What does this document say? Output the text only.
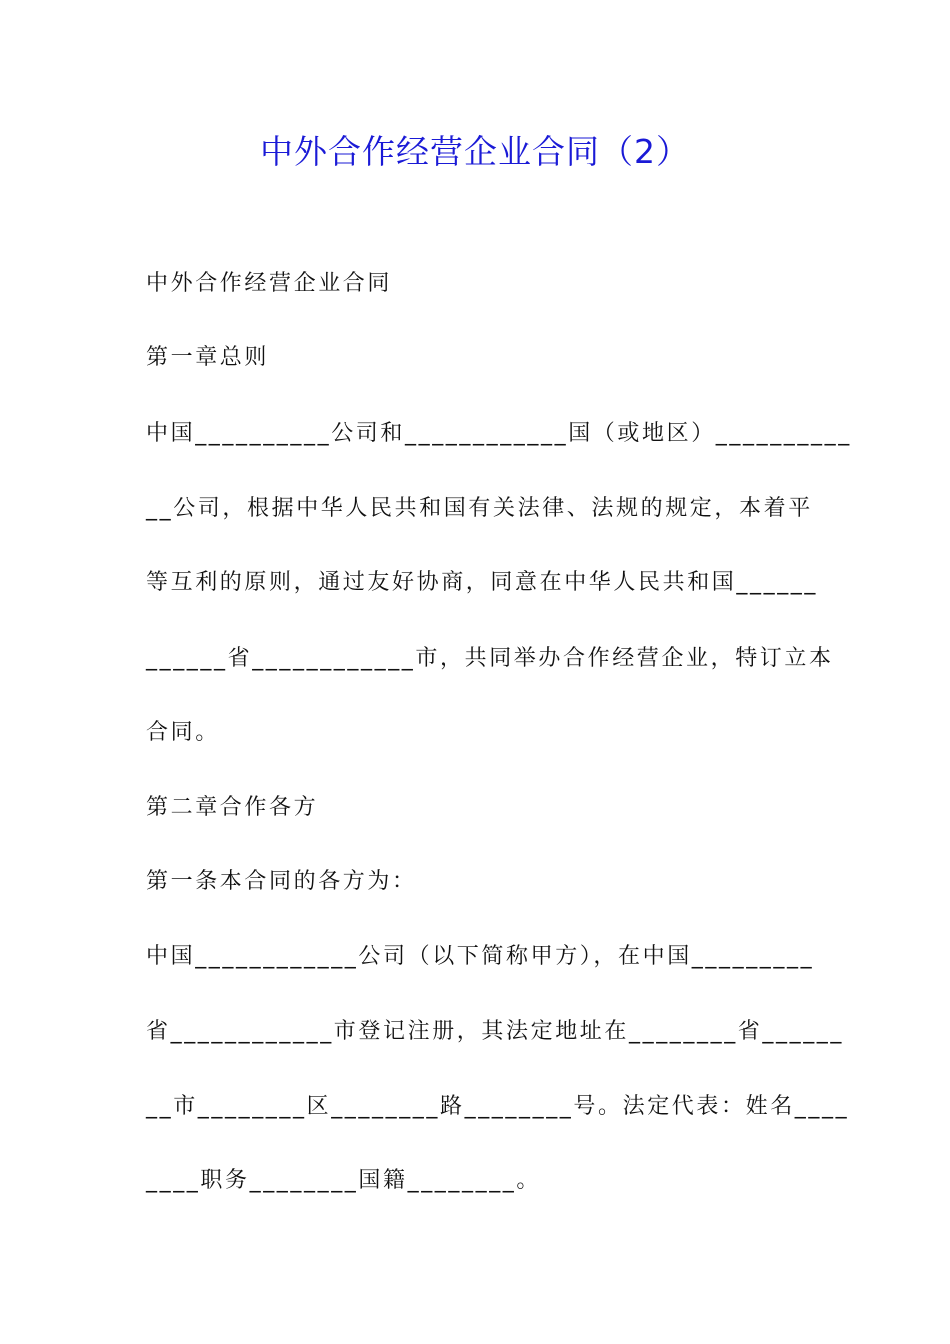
中外合作经营企业合同（2）
中外合作经营企业合同
第一章总则
中国__________公司和____________国（或地区）__________
__公司，根据中华人民共和国有关法律、法规的规定，本着平
等互利的原则，通过友好协商，同意在中华人民共和国______
______省____________市，共同举办合作经营企业，特订立本
合同。
第二章合作各方
第一条本合同的各方为：
中国____________公司（以下简称甲方），在中国_________
省____________市登记注册，其法定地址在________省______
__市________区________路________号。法定代表：姓名____
____职务________国籍________。
